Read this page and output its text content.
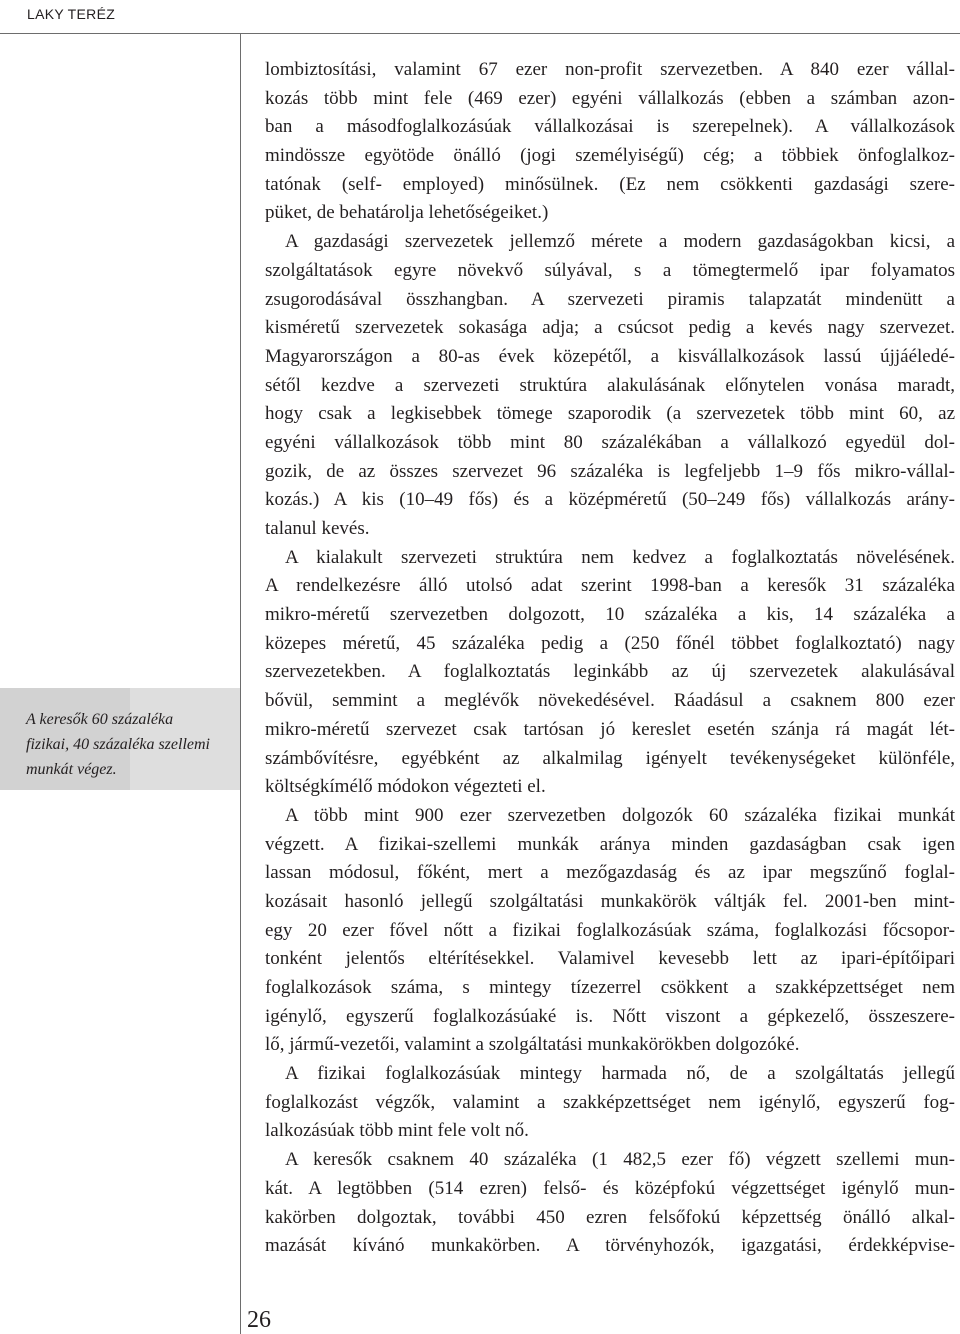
LAKY TERÉZ
A keresők 60 százaléka
fizikai, 40 százaléka szellemi
munkát végez.
lombiztosítási, valamint 67 ezer non-profit szervezetben. A 840 ezer vállal-
kozás több mint fele (469 ezer) egyéni vállalkozás (ebben a számban azon-
ban a másodfoglalkozásúak vállalkozásai is szerepelnek). A vállalkozások
mindössze egyötöde önálló (jogi személyiségű) cég; a többiek önfoglalkoz-
tatónak (self- employed) minősülnek. (Ez nem csökkenti gazdasági szere-
püket, de behatárolja lehetőségeiket.)
A gazdasági szervezetek jellemző mérete a modern gazdaságokban kicsi, a
szolgáltatások egyre növekvő súlyával, s a tömegtermelő ipar folyamatos
zsugorodásával összhangban. A szervezeti piramis talapzatát mindenütt a
kisméretű szervezetek sokasága adja; a csúcsot pedig a kevés nagy szervezet.
Magyarországon a 80-as évek közepétől, a kisvállalkozások lassú újjáéledé-
sétől kezdve a szervezeti struktúra alakulásának előnytelen vonása maradt,
hogy csak a legkisebbek tömege szaporodik (a szervezetek több mint 60, az
egyéni vállalkozások több mint 80 százalékában a vállalkozó egyedül dol-
gozik, de az összes szervezet 96 százaléka is legfeljebb 1–9 fős mikro-vállal-
kozás.) A kis (10–49 fős) és a középméretű (50–249 fős) vállalkozás arány-
talanul kevés.
A kialakult szervezeti struktúra nem kedvez a foglalkoztatás növelésének.
A rendelkezésre álló utolsó adat szerint 1998-ban a keresők 31 százaléka
mikro-méretű szervezetben dolgozott, 10 százaléka a kis, 14 százaléka a
közepes méretű, 45 százaléka pedig a (250 főnél többet foglalkoztató) nagy
szervezetekben. A foglalkoztatás leginkább az új szervezetek alakulásával
bővül, semmint a meglévők növekedésével. Ráadásul a csaknem 800 ezer
mikro-méretű szervezet csak tartósan jó kereslet esetén szánja rá magát lét-
számbővítésre, egyébként az alkalmilag igényelt tevékenységeket különféle,
költségkímélő módokon végezteti el.
A több mint 900 ezer szervezetben dolgozók 60 százaléka fizikai munkát
végzett. A fizikai-szellemi munkák aránya minden gazdaságban csak igen
lassan módosul, főként, mert a mezőgazdaság és az ipar megszűnő foglal-
kozásait hasonló jellegű szolgáltatási munkakörök váltják fel. 2001-ben mint-
egy 20 ezer fővel nőtt a fizikai foglalkozásúak száma, foglalkozási főcsopor-
tonként jelentős eltérítésekkel. Valamivel kevesebb lett az ipari-építőipari
foglalkozások száma, s mintegy tízezerrel csökkent a szakképzettséget nem
igénylő, egyszerű foglalkozásúaké is. Nőtt viszont a gépkezelő, összeszere-
lő, jármű-vezetői, valamint a szolgáltatási munkakörökben dolgozóké.
A fizikai foglalkozásúak mintegy harmada nő, de a szolgáltatás jellegű
foglalkozást végzők, valamint a szakképzettséget nem igénylő, egyszerű fog-
lalkozásúak több mint fele volt nő.
A keresők csaknem 40 százaléka (1 482,5 ezer fő) végzett szellemi mun-
kát. A legtöbben (514 ezren) felső- és középfokú végzettséget igénylő mun-
kakörben dolgoztak, további 450 ezren felsőfokú képzettség önálló alkal-
mazását kívánó munkakörben. A törvényhozók, igazgatási, érdekképvise-
26
